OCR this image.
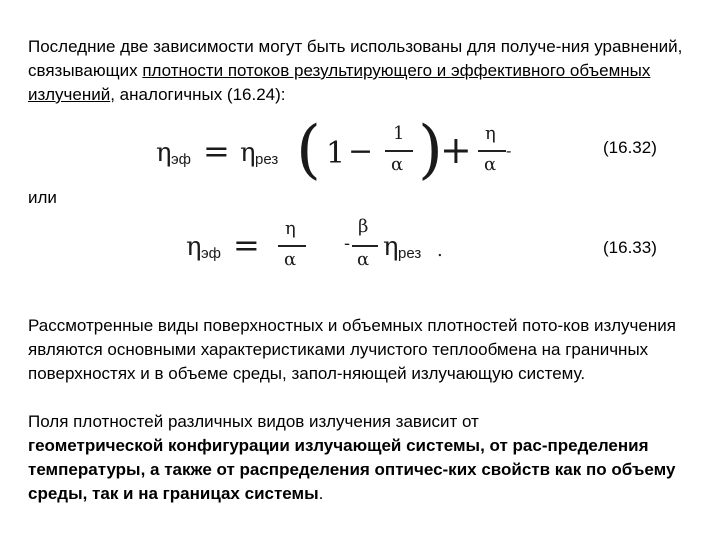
Последние две зависимости могут быть использованы для получе-ния уравнений, связывающих плотности потоков результирующего и эффективного объемных излучений, аналогичных (16.24):

η эф = η рез ( 1 −
1
α )
+ η
α
-	(16.32)
или
η эф = η
α
-
β
α η рез .	(16.33)

Рассмотренные виды поверхностных и объемных плотностей пото-ков излучения являются основными характеристиками лучистого теплообмена на граничных поверхностях и в объеме среды, запол-няющей излучающую систему.

Поля плотностей различных видов излучения зависит от
геометрической конфигурации излучающей системы, от рас-пределения температуры, а также от распределения оптичес-ких свойств как по объему среды, так и на границах системы.
